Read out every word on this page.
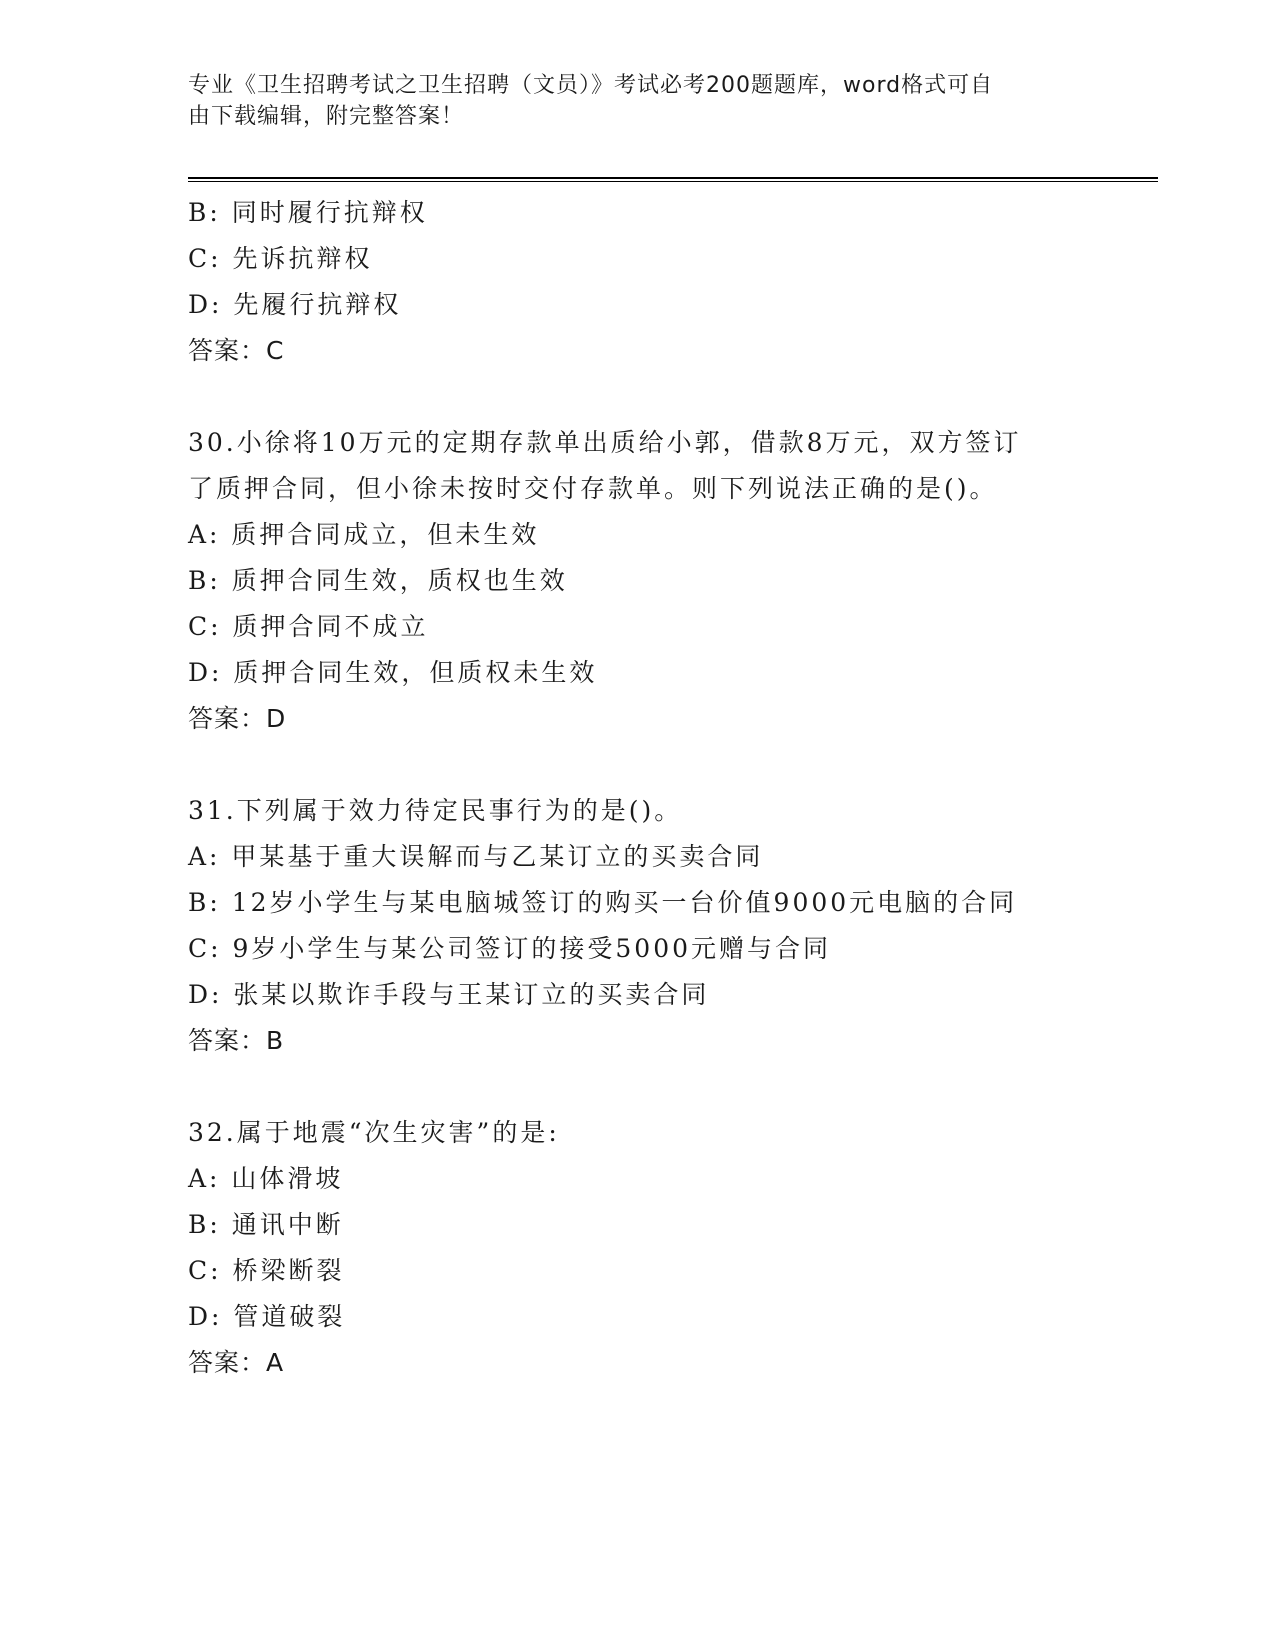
专业《卫生招聘考试之卫生招聘（文员）》考试必考200题题库，word格式可自
由下载编辑，附完整答案！
B: 同时履行抗辩权
C: 先诉抗辩权
D: 先履行抗辩权
答案：C
30.小徐将10万元的定期存款单出质给小郭，借款8万元，双方签订
了质押合同，但小徐未按时交付存款单。则下列说法正确的是()。
A: 质押合同成立，但未生效
B: 质押合同生效，质权也生效
C: 质押合同不成立
D: 质押合同生效，但质权未生效
答案：D
31.下列属于效力待定民事行为的是()。
A: 甲某基于重大误解而与乙某订立的买卖合同
B: 12岁小学生与某电脑城签订的购买一台价值9000元电脑的合同
C: 9岁小学生与某公司签订的接受5000元赠与合同
D: 张某以欺诈手段与王某订立的买卖合同
答案：B
32.属于地震“次生灾害”的是:
A: 山体滑坡
B: 通讯中断
C: 桥梁断裂
D: 管道破裂
答案：A
